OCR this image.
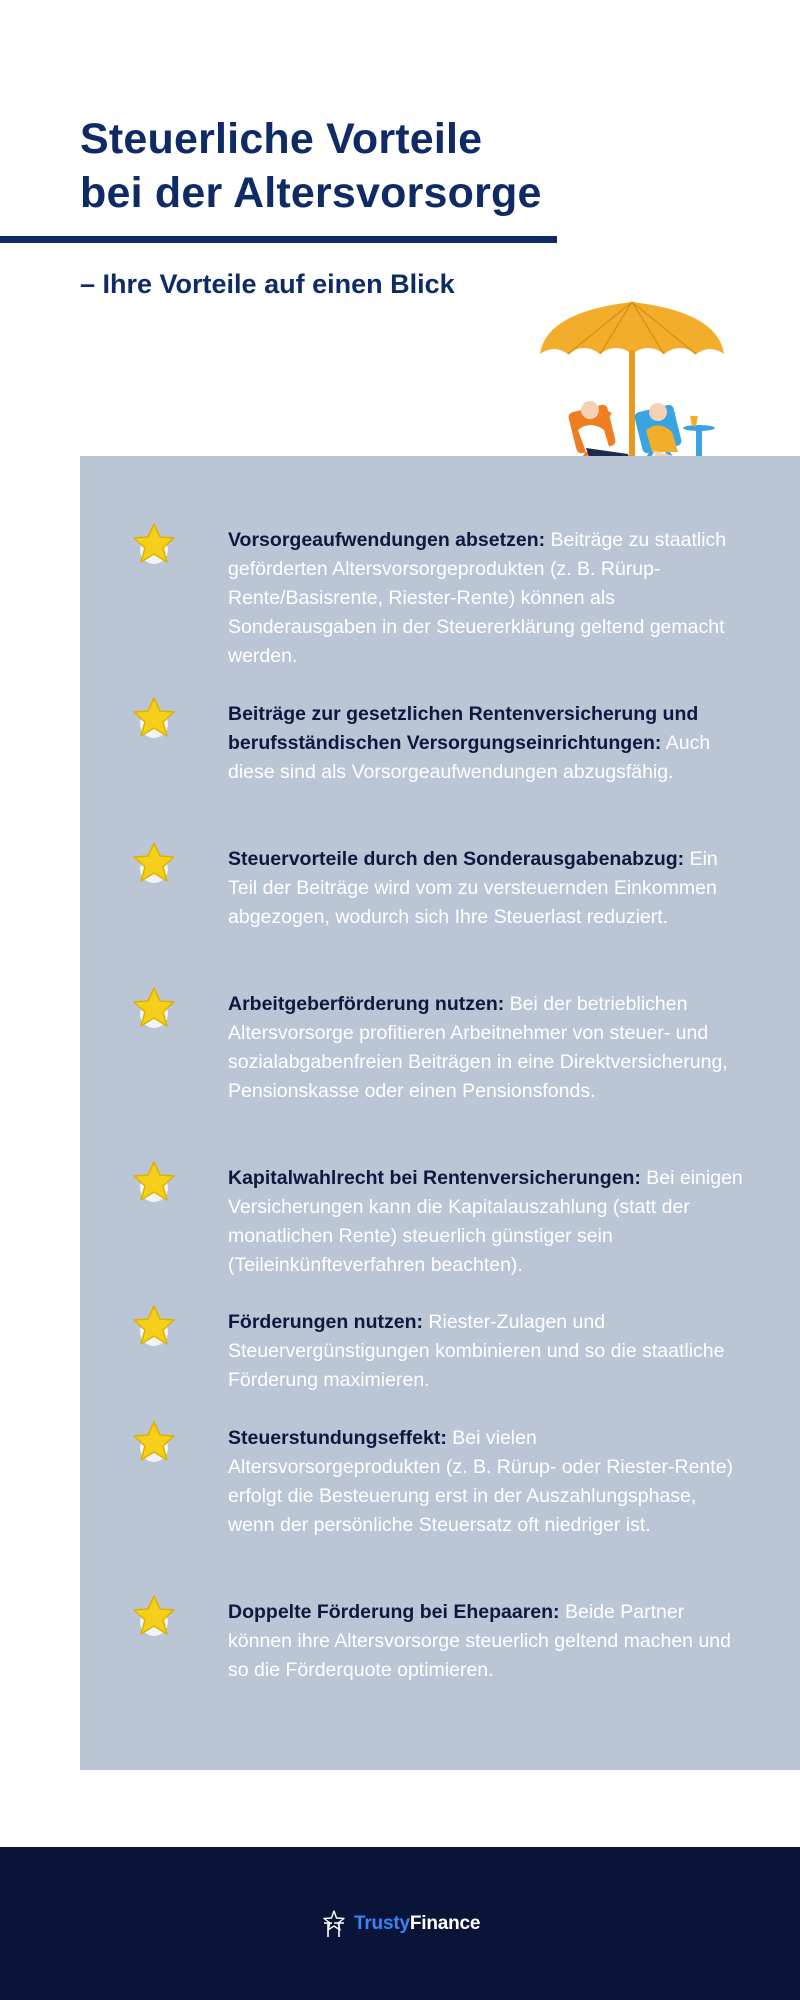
Steuerliche Vorteile
bei der Altersvorsorge
– Ihre Vorteile auf einen Blick
Vorsorgeaufwendungen absetzen: Beiträge zu staatlich geförderten Altersvorsorgeprodukten (z. B. Rürup-Rente/Basisrente, Riester-Rente) können als Sonderausgaben in der Steuererklärung geltend gemacht werden.
Beiträge zur gesetzlichen Rentenversicherung und berufsständischen Versorgungseinrichtungen: Auch diese sind als Vorsorgeaufwendungen abzugsfähig.
Steuervorteile durch den Sonderausgabenabzug: Ein Teil der Beiträge wird vom zu versteuernden Einkommen abgezogen, wodurch sich Ihre Steuerlast reduziert.
Arbeitgeberförderung nutzen: Bei der betrieblichen Altersvorsorge profitieren Arbeitnehmer von steuer- und sozialabgabenfreien Beiträgen in eine Direktversicherung, Pensionskasse oder einen Pensionsfonds.
Kapitalwahlrecht bei Rentenversicherungen: Bei einigen Versicherungen kann die Kapitalauszahlung (statt der monatlichen Rente) steuerlich günstiger sein (Teileinkünfteverfahren beachten).
Förderungen nutzen: Riester-Zulagen und Steuervergünstigungen kombinieren und so die staatliche Förderung maximieren.
Steuerstundungseffekt: Bei vielen Altersvorsorgeprodukten (z. B. Rürup- oder Riester-Rente) erfolgt die Besteuerung erst in der Auszahlungsphase, wenn der persönliche Steuersatz oft niedriger ist.
Doppelte Förderung bei Ehepaaren: Beide Partner können ihre Altersvorsorge steuerlich geltend machen und so die Förderquote optimieren.
TrustyFinance
